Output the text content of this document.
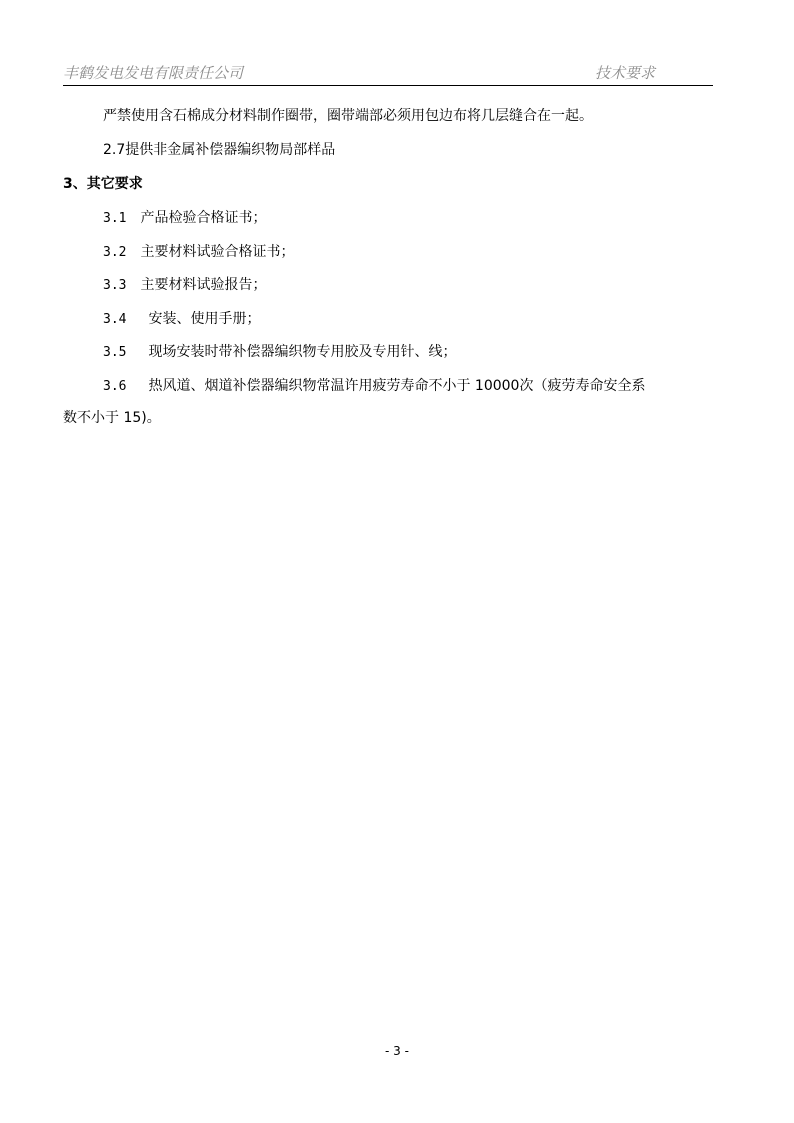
丰鹤发电发电有限责任公司	技术要求
严禁使用含石棉成分材料制作圈带，圈带端部必须用包边布将几层缝合在一起。
2.7提供非金属补偿器编织物局部样品
3、其它要求
3.1 产品检验合格证书；
3.2 主要材料试验合格证书；
3.3 主要材料试验报告；
3.4 安装、使用手册；
3.5 现场安装时带补偿器编织物专用胶及专用针、线；
3.6 热风道、烟道补偿器编织物常温许用疲劳寿命不小于 10000次（疲劳寿命安全系
数不小于 15)。
- 3 -
